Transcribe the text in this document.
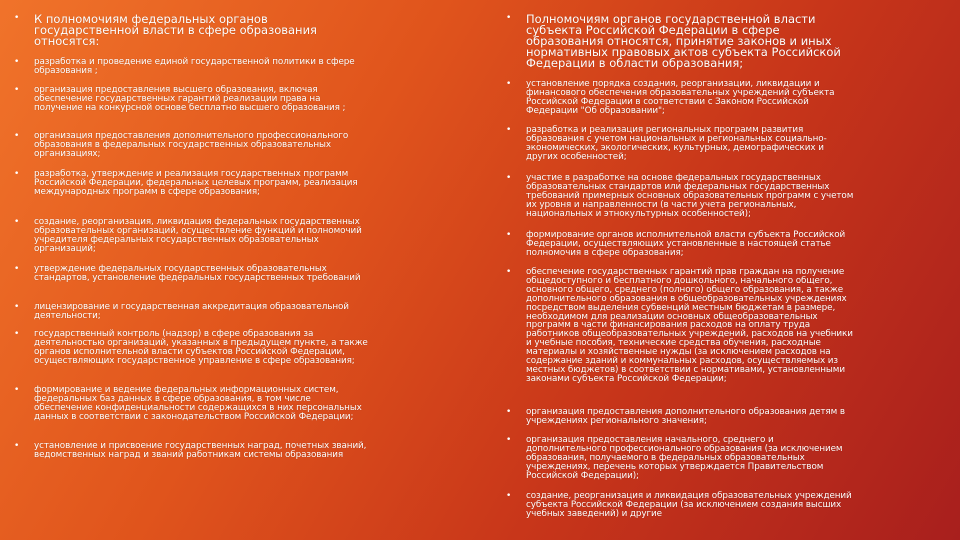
• К полномочиям федеральных органов государственной власти в сфере образования относятся:
• разработка и проведение единой государственной политики в сфере образования ;
• организация предоставления высшего образования, включая обеспечение государственных гарантий реализации права на получение на конкурсной основе бесплатно высшего образования ;
• организация предоставления дополнительного профессионального образования в федеральных государственных образовательных организациях;
• разработка, утверждение и реализация государственных программ Российской Федерации, федеральных целевых программ, реализация международных программ в сфере образования;
• создание, реорганизация, ликвидация федеральных государственных образовательных организаций, осуществление функций и полномочий учредителя федеральных государственных образовательных организаций;
• утверждение федеральных государственных образовательных стандартов, установление федеральных государственных требований
• лицензирование и государственная аккредитация образовательной деятельности;
• государственный контроль (надзор) в сфере образования за деятельностью организаций, указанных в предыдущем пункте, а также органов исполнительной власти субъектов Российской Федерации, осуществляющих государственное управление в сфере образования;
• формирование и ведение федеральных информационных систем, федеральных баз данных в сфере образования, в том числе обеспечение конфиденциальности содержащихся в них персональных данных в соответствии с законодательством Российской Федерации;
• установление и присвоение государственных наград, почетных званий, ведомственных наград и званий работникам системы образования
• Полномочиям органов государственной власти субъекта Российской Федерации в сфере образования относятся, принятие законов и иных нормативных правовых актов субъекта Российской Федерации в области образования;
• установление порядка создания, реорганизации, ликвидации и финансового обеспечения образовательных учреждений субъекта Российской Федерации в соответствии с Законом Российской Федерации "Об образовании";
• разработка и реализация региональных программ развития образования с учетом национальных и региональных социально-экономических, экологических, культурных, демографических и других особенностей;
• участие в разработке на основе федеральных государственных образовательных стандартов или федеральных государственных требований примерных основных образовательных программ с учетом их уровня и направленности (в части учета региональных, национальных и этнокультурных особенностей);
• формирование органов исполнительной власти субъекта Российской Федерации, осуществляющих установленные в настоящей статье полномочия в сфере образования;
• обеспечение государственных гарантий прав граждан на получение общедоступного и бесплатного дошкольного, начального общего, основного общего, среднего (полного) общего образования, а также дополнительного образования в общеобразовательных учреждениях посредством выделения субвенций местным бюджетам в размере, необходимом для реализации основных общеобразовательных программ в части финансирования расходов на оплату труда работников общеобразовательных учреждений, расходов на учебники и учебные пособия, технические средства обучения, расходные материалы и хозяйственные нужды (за исключением расходов на содержание зданий и коммунальных расходов, осуществляемых из местных бюджетов) в соответствии с нормативами, установленными законами субъекта Российской Федерации;
• организация предоставления дополнительного образования детям в учреждениях регионального значения;
• организация предоставления начального, среднего и дополнительного профессионального образования (за исключением образования, получаемого в федеральных образовательных учреждениях, перечень которых утверждается Правительством Российской Федерации);
• создание, реорганизация и ликвидация образовательных учреждений субъекта Российской Федерации (за исключением создания высших учебных заведений) и другие
